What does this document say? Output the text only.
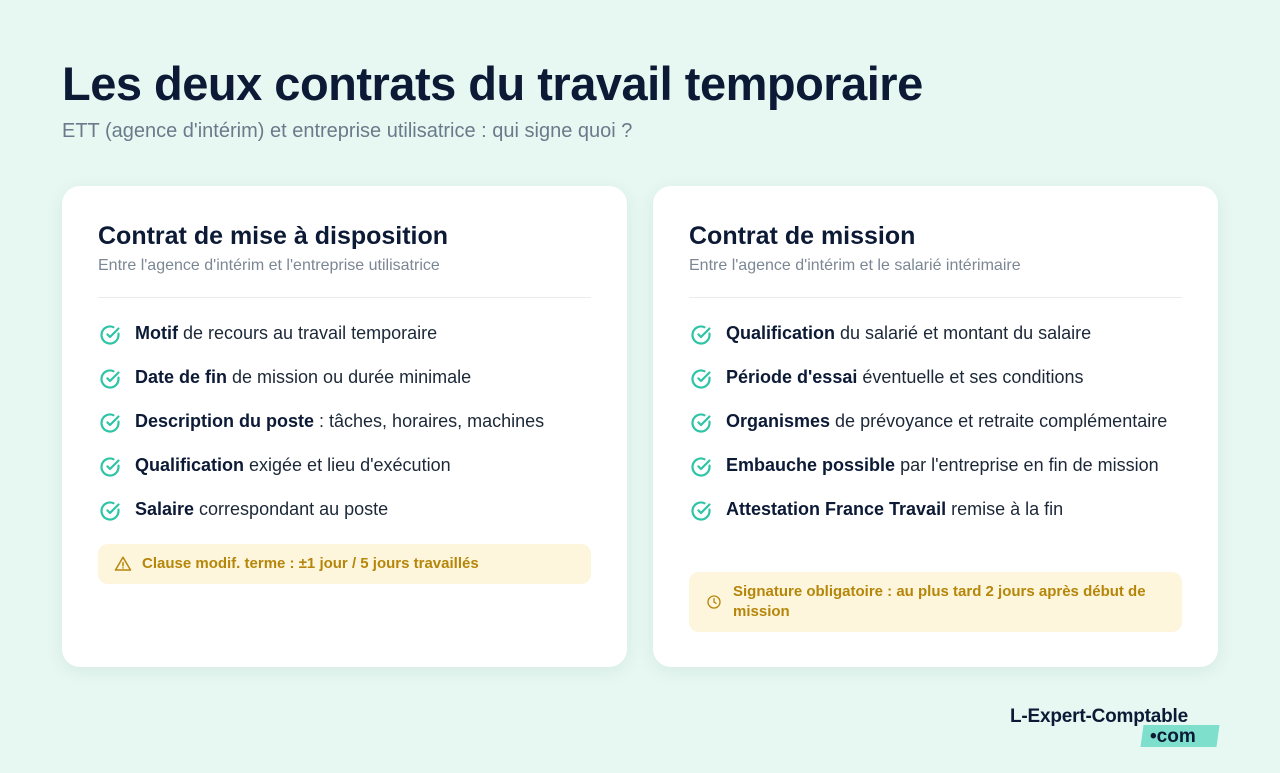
Les deux contrats du travail temporaire
ETT (agence d'intérim) et entreprise utilisatrice : qui signe quoi ?
Contrat de mise à disposition
Entre l'agence d'intérim et l'entreprise utilisatrice
Motif de recours au travail temporaire
Date de fin de mission ou durée minimale
Description du poste : tâches, horaires, machines
Qualification exigée et lieu d'exécution
Salaire correspondant au poste
Clause modif. terme : ±1 jour / 5 jours travaillés
Contrat de mission
Entre l'agence d'intérim et le salarié intérimaire
Qualification du salarié et montant du salaire
Période d'essai éventuelle et ses conditions
Organismes de prévoyance et retraite complémentaire
Embauche possible par l'entreprise en fin de mission
Attestation France Travail remise à la fin
Signature obligatoire : au plus tard 2 jours après début de mission
L-Expert-Comptable
•com
